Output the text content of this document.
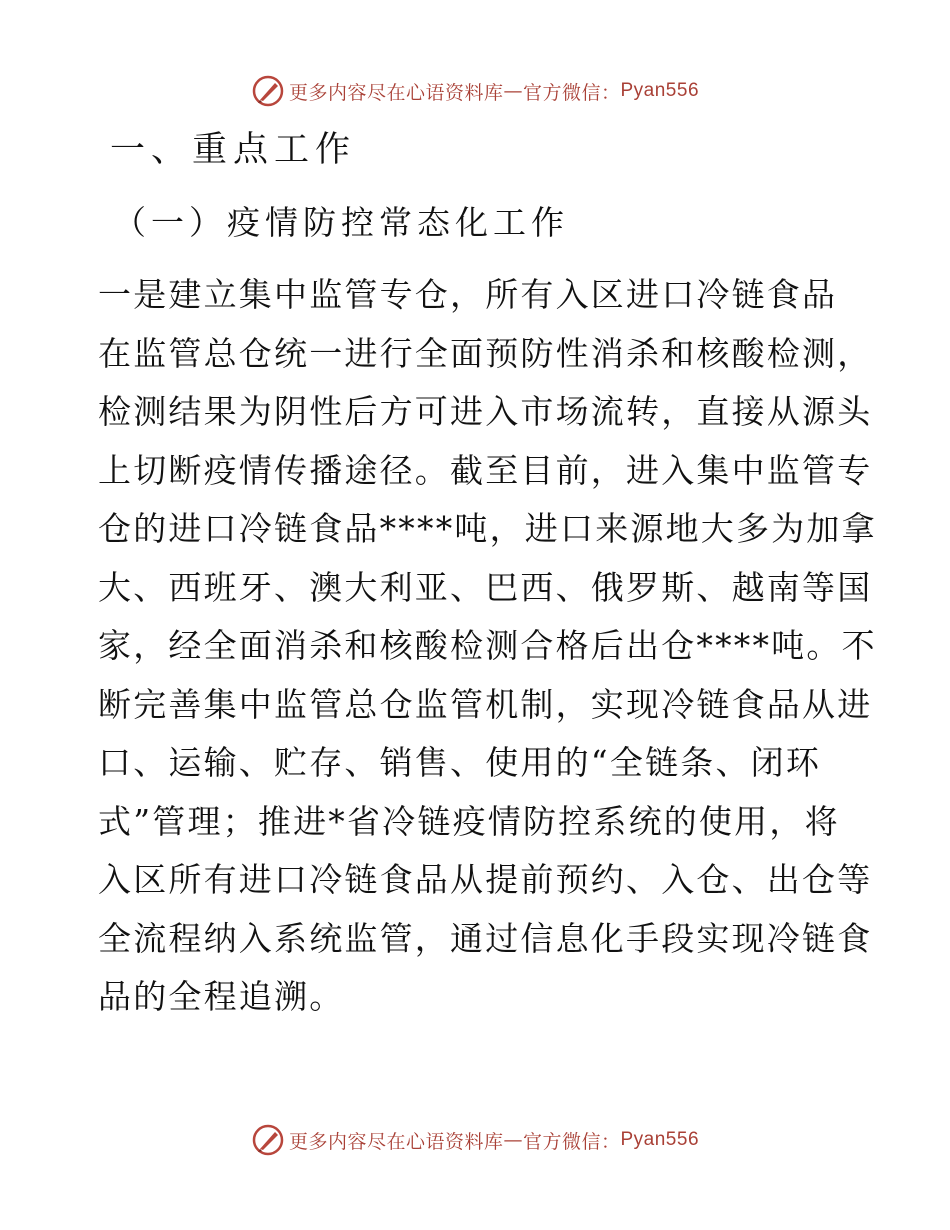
更多内容尽在心语资料库 — 官方微信： Pyan556
一、重点工作
（一）疫情防控常态化工作
一是建立集中监管专仓，所有入区进口冷链食品
在监管总仓统一进行全面预防性消杀和核酸检测，
检测结果为阴性后方可进入市场流转，直接从源头
上切断疫情传播途径。截至目前，进入集中监管专
仓的进口冷链食品****吨，进口来源地大多为加拿
大、西班牙、澳大利亚、巴西、俄罗斯、越南等国
家，经全面消杀和核酸检测合格后出仓****吨。不
断完善集中监管总仓监管机制，实现冷链食品从进
口、运输、贮存、销售、使用的“全链条、闭环
式”管理；推进*省冷链疫情防控系统的使用，将
入区所有进口冷链食品从提前预约、入仓、出仓等
全流程纳入系统监管，通过信息化手段实现冷链食
品的全程追溯。
更多内容尽在心语资料库 — 官方微信： Pyan556
